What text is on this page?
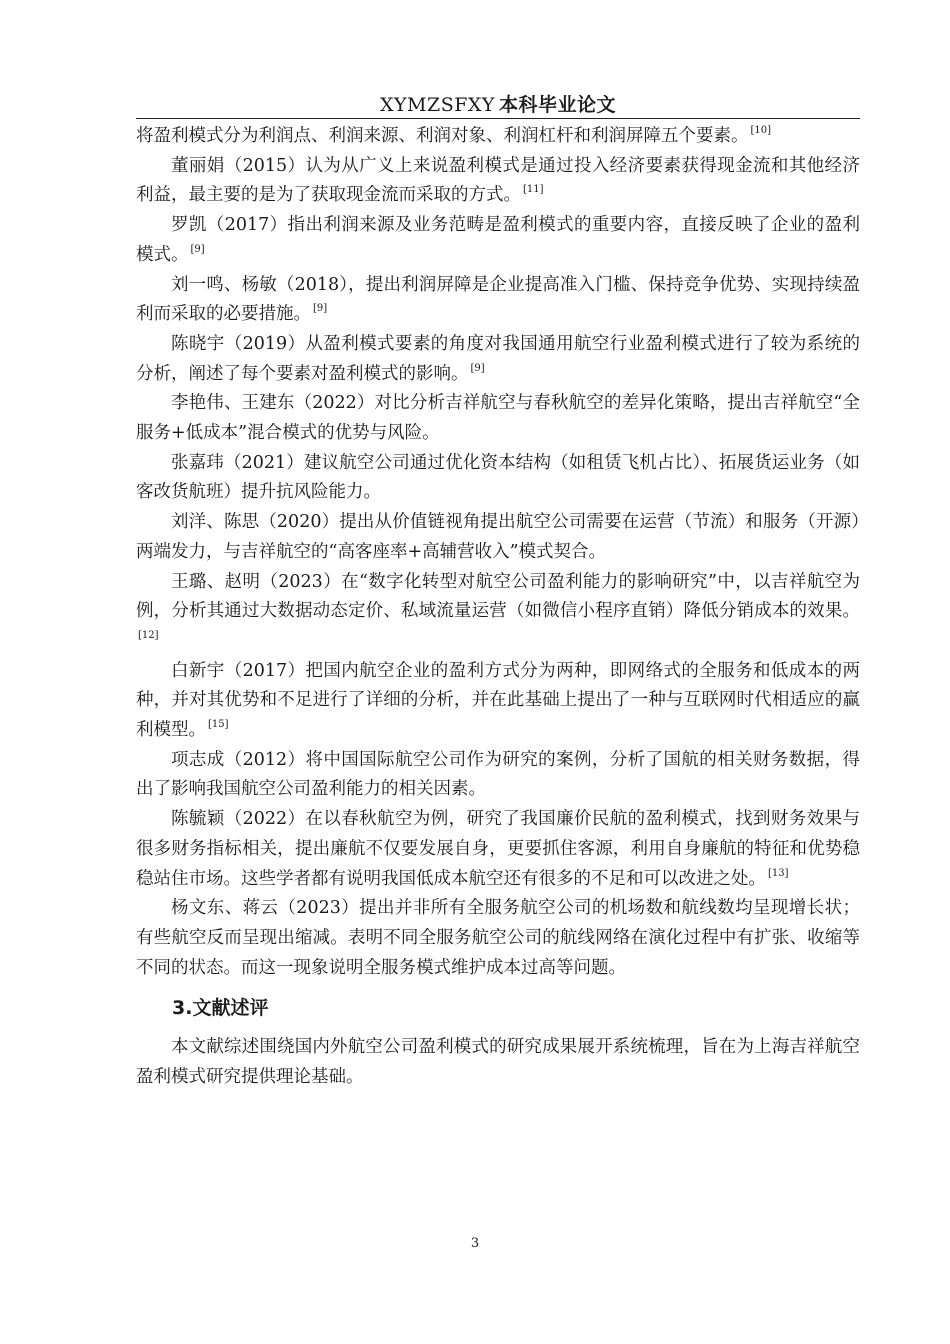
XYMZSFXY 本科毕业论文

将盈利模式分为利润点、利润来源、利润对象、利润杠杆和利润屏障五个要素。 [10]

董丽娟（2015）认为从广义上来说盈利模式是通过投入经济要素获得现金流和其他经济利益，最主要的是为了获取现金流而采取的方式。 [11]

罗凯（2017）指出利润来源及业务范畴是盈利模式的重要内容，直接反映了企业的盈利模式。 [9]

刘一鸣、杨敏（2018），提出利润屏障是企业提高准入门槛、保持竞争优势、实现持续盈利而采取的必要措施。 [9]

陈晓宇（2019）从盈利模式要素的角度对我国通用航空行业盈利模式进行了较为系统的分析，阐述了每个要素对盈利模式的影响。 [9]

李艳伟、王建东（2022）对比分析吉祥航空与春秋航空的差异化策略，提出吉祥航空“全服务+低成本”混合模式的优势与风险。

张嘉玮（2021）建议航空公司通过优化资本结构（如租赁飞机占比）、拓展货运业务（如客改货航班）提升抗风险能力。

刘洋、陈思（2020）提出从价值链视角提出航空公司需要在运营（节流）和服务（开源）两端发力，与吉祥航空的“高客座率+高辅营收入”模式契合。

王璐、赵明（2023）在“数字化转型对航空公司盈利能力的影响研究”中，以吉祥航空为例，分析其通过大数据动态定价、私域流量运营（如微信小程序直销）降低分销成本的效果。[12]

白新宇（2017）把国内航空企业的盈利方式分为两种，即网络式的全服务和低成本的两种，并对其优势和不足进行了详细的分析，并在此基础上提出了一种与互联网时代相适应的赢利模型。 [15]

项志成（2012）将中国国际航空公司作为研究的案例，分析了国航的相关财务数据，得出了影响我国航空公司盈利能力的相关因素。

陈毓颖（2022）在以春秋航空为例，研究了我国廉价民航的盈利模式，找到财务效果与很多财务指标相关，提出廉航不仅要发展自身，更要抓住客源，利用自身廉航的特征和优势稳稳站住市场。这些学者都有说明我国低成本航空还有很多的不足和可以改进之处。 [13]

杨文东、蒋云（2023）提出并非所有全服务航空公司的机场数和航线数均呈现增长状；有些航空反而呈现出缩减。表明不同全服务航空公司的航线网络在演化过程中有扩张、收缩等不同的状态。而这一现象说明全服务模式维护成本过高等问题。

3.文献述评

本文献综述围绕国内外航空公司盈利模式的研究成果展开系统梳理，旨在为上海吉祥航空盈利模式研究提供理论基础。

3
